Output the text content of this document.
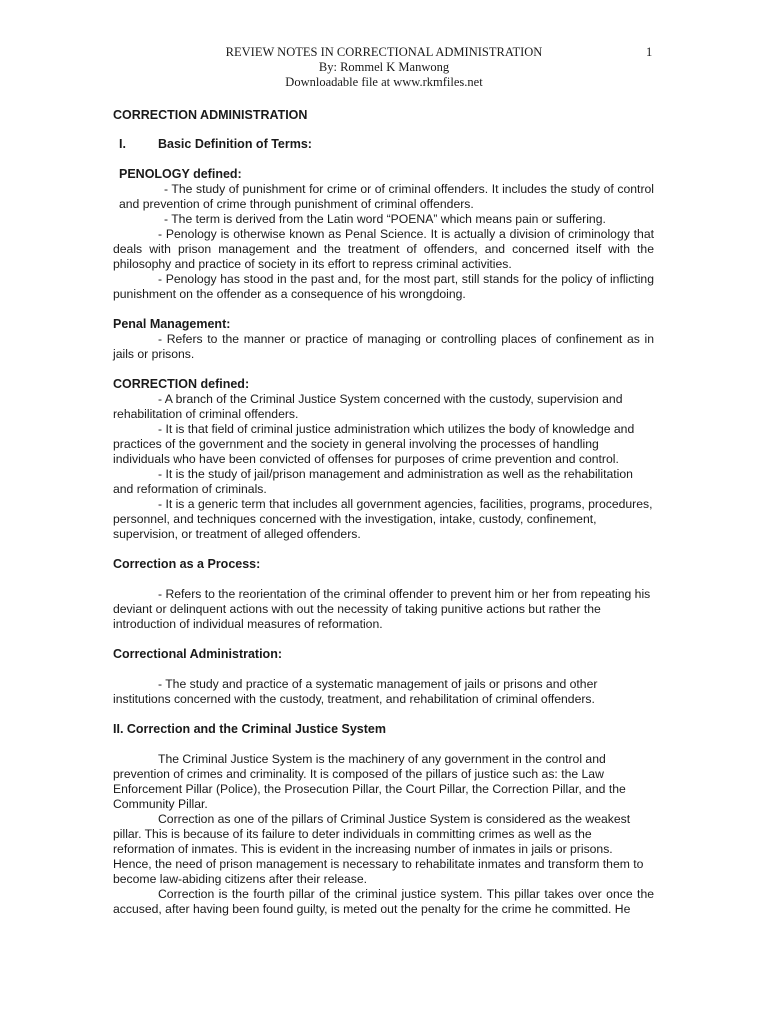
REVIEW NOTES IN CORRECTIONAL ADMINISTRATION
By: Rommel K Manwong
Downloadable file at www.rkmfiles.net
1

CORRECTION ADMINISTRATION

I.	Basic Definition of Terms:

PENOLOGY defined:

- The study of punishment for crime or of criminal offenders. It includes the study of control and prevention of crime through punishment of criminal offenders.

- The term is derived from the Latin word “POENA” which means pain or suffering.

- Penology is otherwise known as Penal Science. It is actually a division of criminology that deals with prison management and the treatment of offenders, and concerned itself with the philosophy and practice of society in its effort to repress criminal activities.

- Penology has stood in the past and, for the most part, still stands for the policy of inflicting punishment on the offender as a consequence of his wrongdoing.

Penal Management:

- Refers to the manner or practice of managing or controlling places of confinement as in jails or prisons.

CORRECTION defined:

- A branch of the Criminal Justice System concerned with the custody, supervision and rehabilitation of criminal offenders.

- It is that field of criminal justice administration which utilizes the body of knowledge and practices of the government and the society in general involving the processes of handling individuals who have been convicted of offenses for purposes of crime prevention and control.

- It is the study of jail/prison management and administration as well as the rehabilitation and reformation of criminals.

- It is a generic term that includes all government agencies, facilities, programs, procedures, personnel, and techniques concerned with the investigation, intake, custody, confinement, supervision, or treatment of alleged offenders.

Correction as a Process:

- Refers to the reorientation of the criminal offender to prevent him or her from repeating his deviant or delinquent actions with out the necessity of taking punitive actions but rather the introduction of individual measures of reformation.

Correctional Administration:

- The study and practice of a systematic management of jails or prisons and other institutions concerned with the custody, treatment, and rehabilitation of criminal offenders.

II. Correction and the Criminal Justice System

The Criminal Justice System is the machinery of any government in the control and prevention of crimes and criminality. It is composed of the pillars of justice such as: the Law Enforcement Pillar (Police), the Prosecution Pillar, the Court Pillar, the Correction Pillar, and the Community Pillar.

Correction as one of the pillars of Criminal Justice System is considered as the weakest pillar. This is because of its failure to deter individuals in committing crimes as well as the reformation of inmates. This is evident in the increasing number of inmates in jails or prisons. Hence, the need of prison management is necessary to rehabilitate inmates and transform them to become law-abiding citizens after their release.

Correction is the fourth pillar of the criminal justice system. This pillar takes over once the accused, after having been found guilty, is meted out the penalty for the crime he committed. He
